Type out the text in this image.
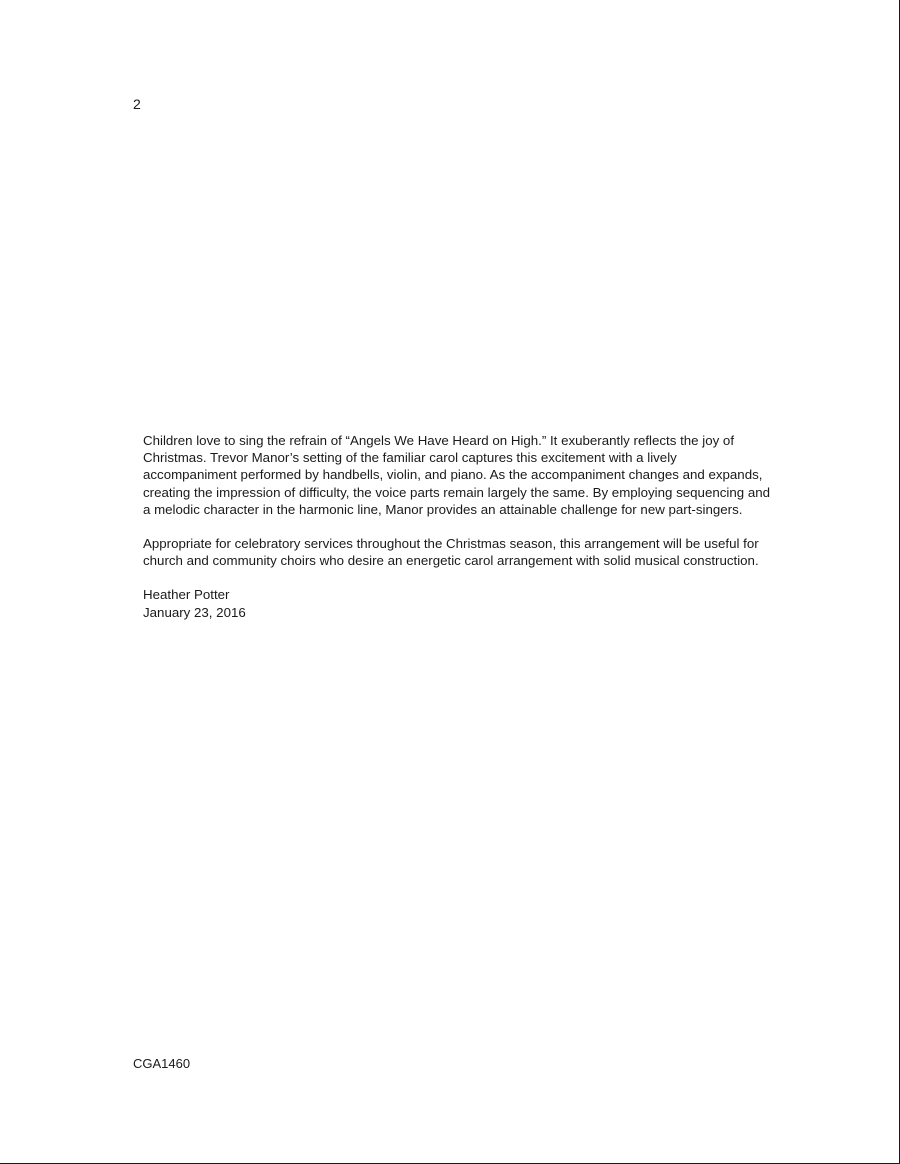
2

Children love to sing the refrain of “Angels We Have Heard on High.” It exuberantly reflects the joy of Christmas. Trevor Manor’s setting of the familiar carol captures this excitement with a lively accompaniment performed by handbells, violin, and piano. As the accompaniment changes and expands, creating the impression of difficulty, the voice parts remain largely the same. By employing sequencing and a melodic character in the harmonic line, Manor provides an attainable challenge for new part-singers.

Appropriate for celebratory services throughout the Christmas season, this arrangement will be useful for church and community choirs who desire an energetic carol arrangement with solid musical construction.

Heather Potter
January 23, 2016
CGA1460
